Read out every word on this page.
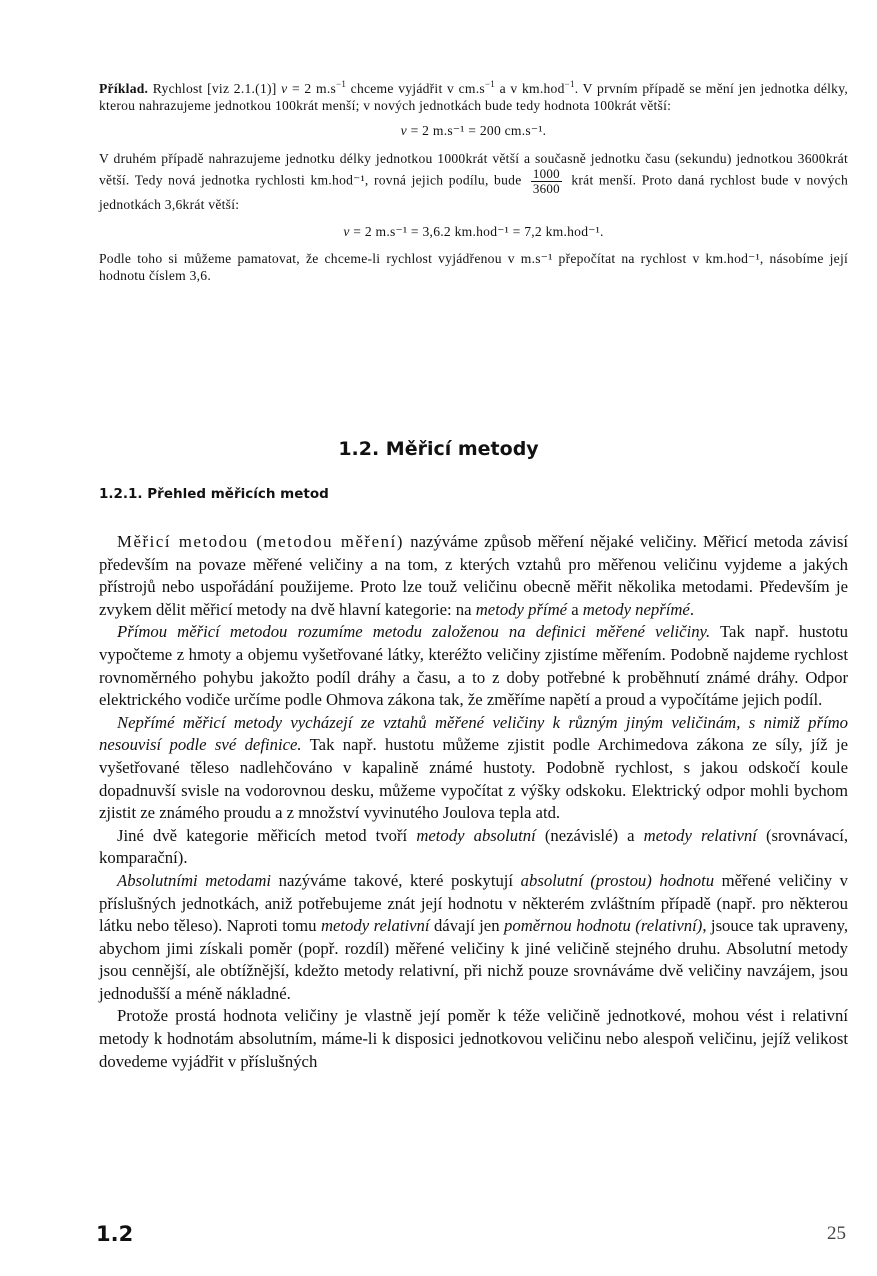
Příklad. Rychlost [viz 2.1.(1)] v = 2 $m.s^{-1}$ chceme vyjádřit v $cm.s^{-1}$ a v km.hod$^{-1}$. V prvním případě se mění jen jednotka délky, kterou nahrazujeme jednotkou 100krát menší; v nových jednotkách bude tedy hodnota 100krát větší:

v = 2 m.s⁻¹ = 200 cm.s⁻¹.

V druhém případě nahrazujeme jednotku délky jednotkou 1000krát větší a současně jednotku času (sekundu) jednotkou 3600krát větší. Tedy nová jednotka rychlosti km.hod⁻¹, rovná jejich podílu, bude $\frac{1000}{3600}$ krát menší. Proto daná rychlost bude v nových jednotkách 3,6krát větší:

v = 2 m.s⁻¹ = 3,6.2 km.hod⁻¹ = 7,2 km.hod⁻¹.

Podle toho si můžeme pamatovat, že chceme-li rychlost vyjádřenou v m.s⁻¹ přepočítat na rychlost v km.hod⁻¹, násobíme její hodnotu číslem 3,6.

1.2. Měřicí metody
1.2.1. Přehled měřicích metod

Měřicí metodou (metodou měření) nazýváme způsob měření nějaké veličiny. Měřicí metoda závisí především na povaze měřené veličiny a na tom, z kterých vztahů pro měřenou veličinu vyjdeme a jakých přístrojů nebo uspořádání použijeme. Proto lze touž veličinu obecně měřit několika metodami. Především je zvykem dělit měřicí metody na dvě hlavní kategorie: na metody přímé a metody nepřímé.

Přímou měřicí metodou rozumíme metodu založenou na definici měřené veličiny. Tak např. hustotu vypočteme z hmoty a objemu vyšetřované látky, kteréžto veličiny zjistíme měřením. Podobně najdeme rychlost rovnoměrného pohybu jakožto podíl dráhy a času, a to z doby potřebné k proběhnutí známé dráhy. Odpor elektrického vodiče určíme podle Ohmova zákona tak, že změříme napětí a proud a vypočítáme jejich podíl.

Nepřímé měřicí metody vycházejí ze vztahů měřené veličiny k různým jiným veličinám, s nimiž přímo nesouvisí podle své definice. Tak např. hustotu můžeme zjistit podle Archimedova zákona ze síly, jíž je vyšetřované těleso nadlehčováno v kapalině známé hustoty. Podobně rychlost, s jakou odskočí koule dopadnuvší svisle na vodorovnou desku, můžeme vypočítat z výšky odskoku. Elektrický odpor mohli bychom zjistit ze známého proudu a z množství vyvinutého Joulova tepla atd.

Jiné dvě kategorie měřicích metod tvoří metody absolutní (nezávislé) a metody relativní (srovnávací, komparační).

Absolutními metodami nazýváme takové, které poskytují absolutní (prostou) hodnotu měřené veličiny v příslušných jednotkách, aniž potřebujeme znát její hodnotu v některém zvláštním případě (např. pro některou látku nebo těleso). Naproti tomu metody relativní dávají jen poměrnou hodnotu (relativní), jsouce tak upraveny, abychom jimi získali poměr (popř. rozdíl) měřené veličiny k jiné veličině stejného druhu. Absolutní metody jsou cennější, ale obtížnější, kdežto metody relativní, při nichž pouze srovnáváme dvě veličiny navzájem, jsou jednodušší a méně nákladné.

Protože prostá hodnota veličiny je vlastně její poměr k téže veličině jednotkové, mohou vést i relativní metody k hodnotám absolutním, máme-li k disposici jednotkovou veličinu nebo alespoň veličinu, jejíž velikost dovedeme vyjádřit v příslušných

1.2	25
